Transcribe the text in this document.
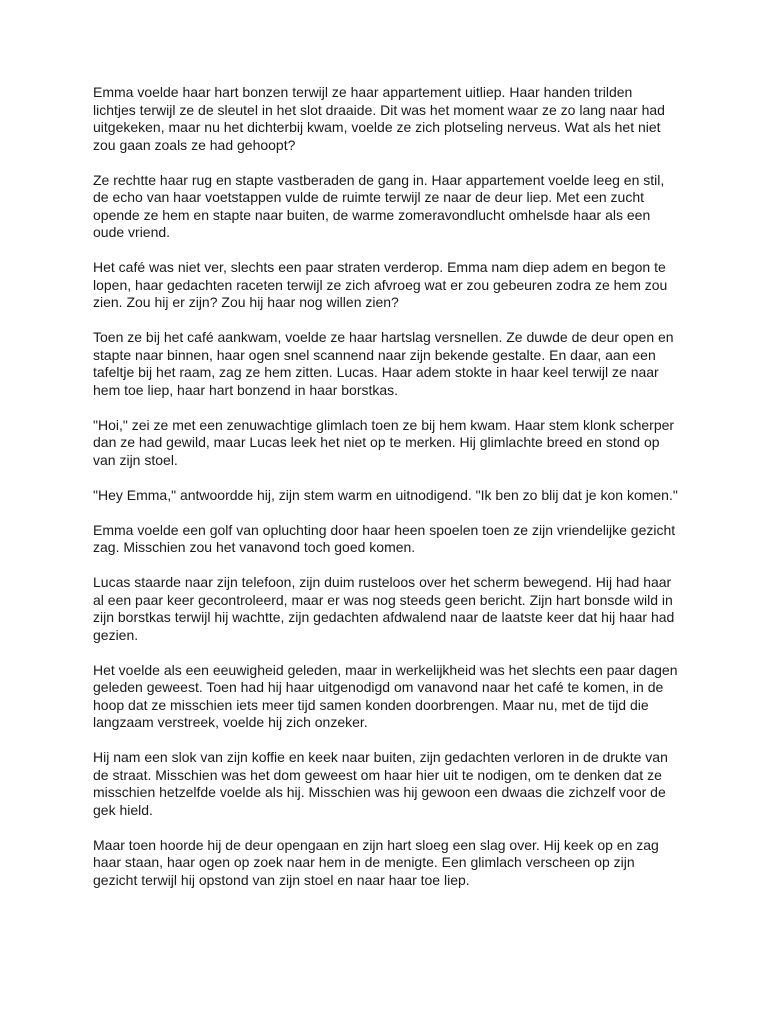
Emma voelde haar hart bonzen terwijl ze haar appartement uitliep. Haar handen trilden lichtjes terwijl ze de sleutel in het slot draaide. Dit was het moment waar ze zo lang naar had uitgekeken, maar nu het dichterbij kwam, voelde ze zich plotseling nerveus. Wat als het niet zou gaan zoals ze had gehoopt?

Ze rechtte haar rug en stapte vastberaden de gang in. Haar appartement voelde leeg en stil, de echo van haar voetstappen vulde de ruimte terwijl ze naar de deur liep. Met een zucht opende ze hem en stapte naar buiten, de warme zomeravondlucht omhelsde haar als een oude vriend.

Het café was niet ver, slechts een paar straten verderop. Emma nam diep adem en begon te lopen, haar gedachten raceten terwijl ze zich afvroeg wat er zou gebeuren zodra ze hem zou zien. Zou hij er zijn? Zou hij haar nog willen zien?

Toen ze bij het café aankwam, voelde ze haar hartslag versnellen. Ze duwde de deur open en stapte naar binnen, haar ogen snel scannend naar zijn bekende gestalte. En daar, aan een tafeltje bij het raam, zag ze hem zitten. Lucas. Haar adem stokte in haar keel terwijl ze naar hem toe liep, haar hart bonzend in haar borstkas.

"Hoi," zei ze met een zenuwachtige glimlach toen ze bij hem kwam. Haar stem klonk scherper dan ze had gewild, maar Lucas leek het niet op te merken. Hij glimlachte breed en stond op van zijn stoel.

"Hey Emma," antwoordde hij, zijn stem warm en uitnodigend. "Ik ben zo blij dat je kon komen."

Emma voelde een golf van opluchting door haar heen spoelen toen ze zijn vriendelijke gezicht zag. Misschien zou het vanavond toch goed komen.

Lucas staarde naar zijn telefoon, zijn duim rusteloos over het scherm bewegend. Hij had haar al een paar keer gecontroleerd, maar er was nog steeds geen bericht. Zijn hart bonsde wild in zijn borstkas terwijl hij wachtte, zijn gedachten afdwalend naar de laatste keer dat hij haar had gezien.

Het voelde als een eeuwigheid geleden, maar in werkelijkheid was het slechts een paar dagen geleden geweest. Toen had hij haar uitgenodigd om vanavond naar het café te komen, in de hoop dat ze misschien iets meer tijd samen konden doorbrengen. Maar nu, met de tijd die langzaam verstreek, voelde hij zich onzeker.

Hij nam een slok van zijn koffie en keek naar buiten, zijn gedachten verloren in de drukte van de straat. Misschien was het dom geweest om haar hier uit te nodigen, om te denken dat ze misschien hetzelfde voelde als hij. Misschien was hij gewoon een dwaas die zichzelf voor de gek hield.

Maar toen hoorde hij de deur opengaan en zijn hart sloeg een slag over. Hij keek op en zag haar staan, haar ogen op zoek naar hem in de menigte. Een glimlach verscheen op zijn gezicht terwijl hij opstond van zijn stoel en naar haar toe liep.
